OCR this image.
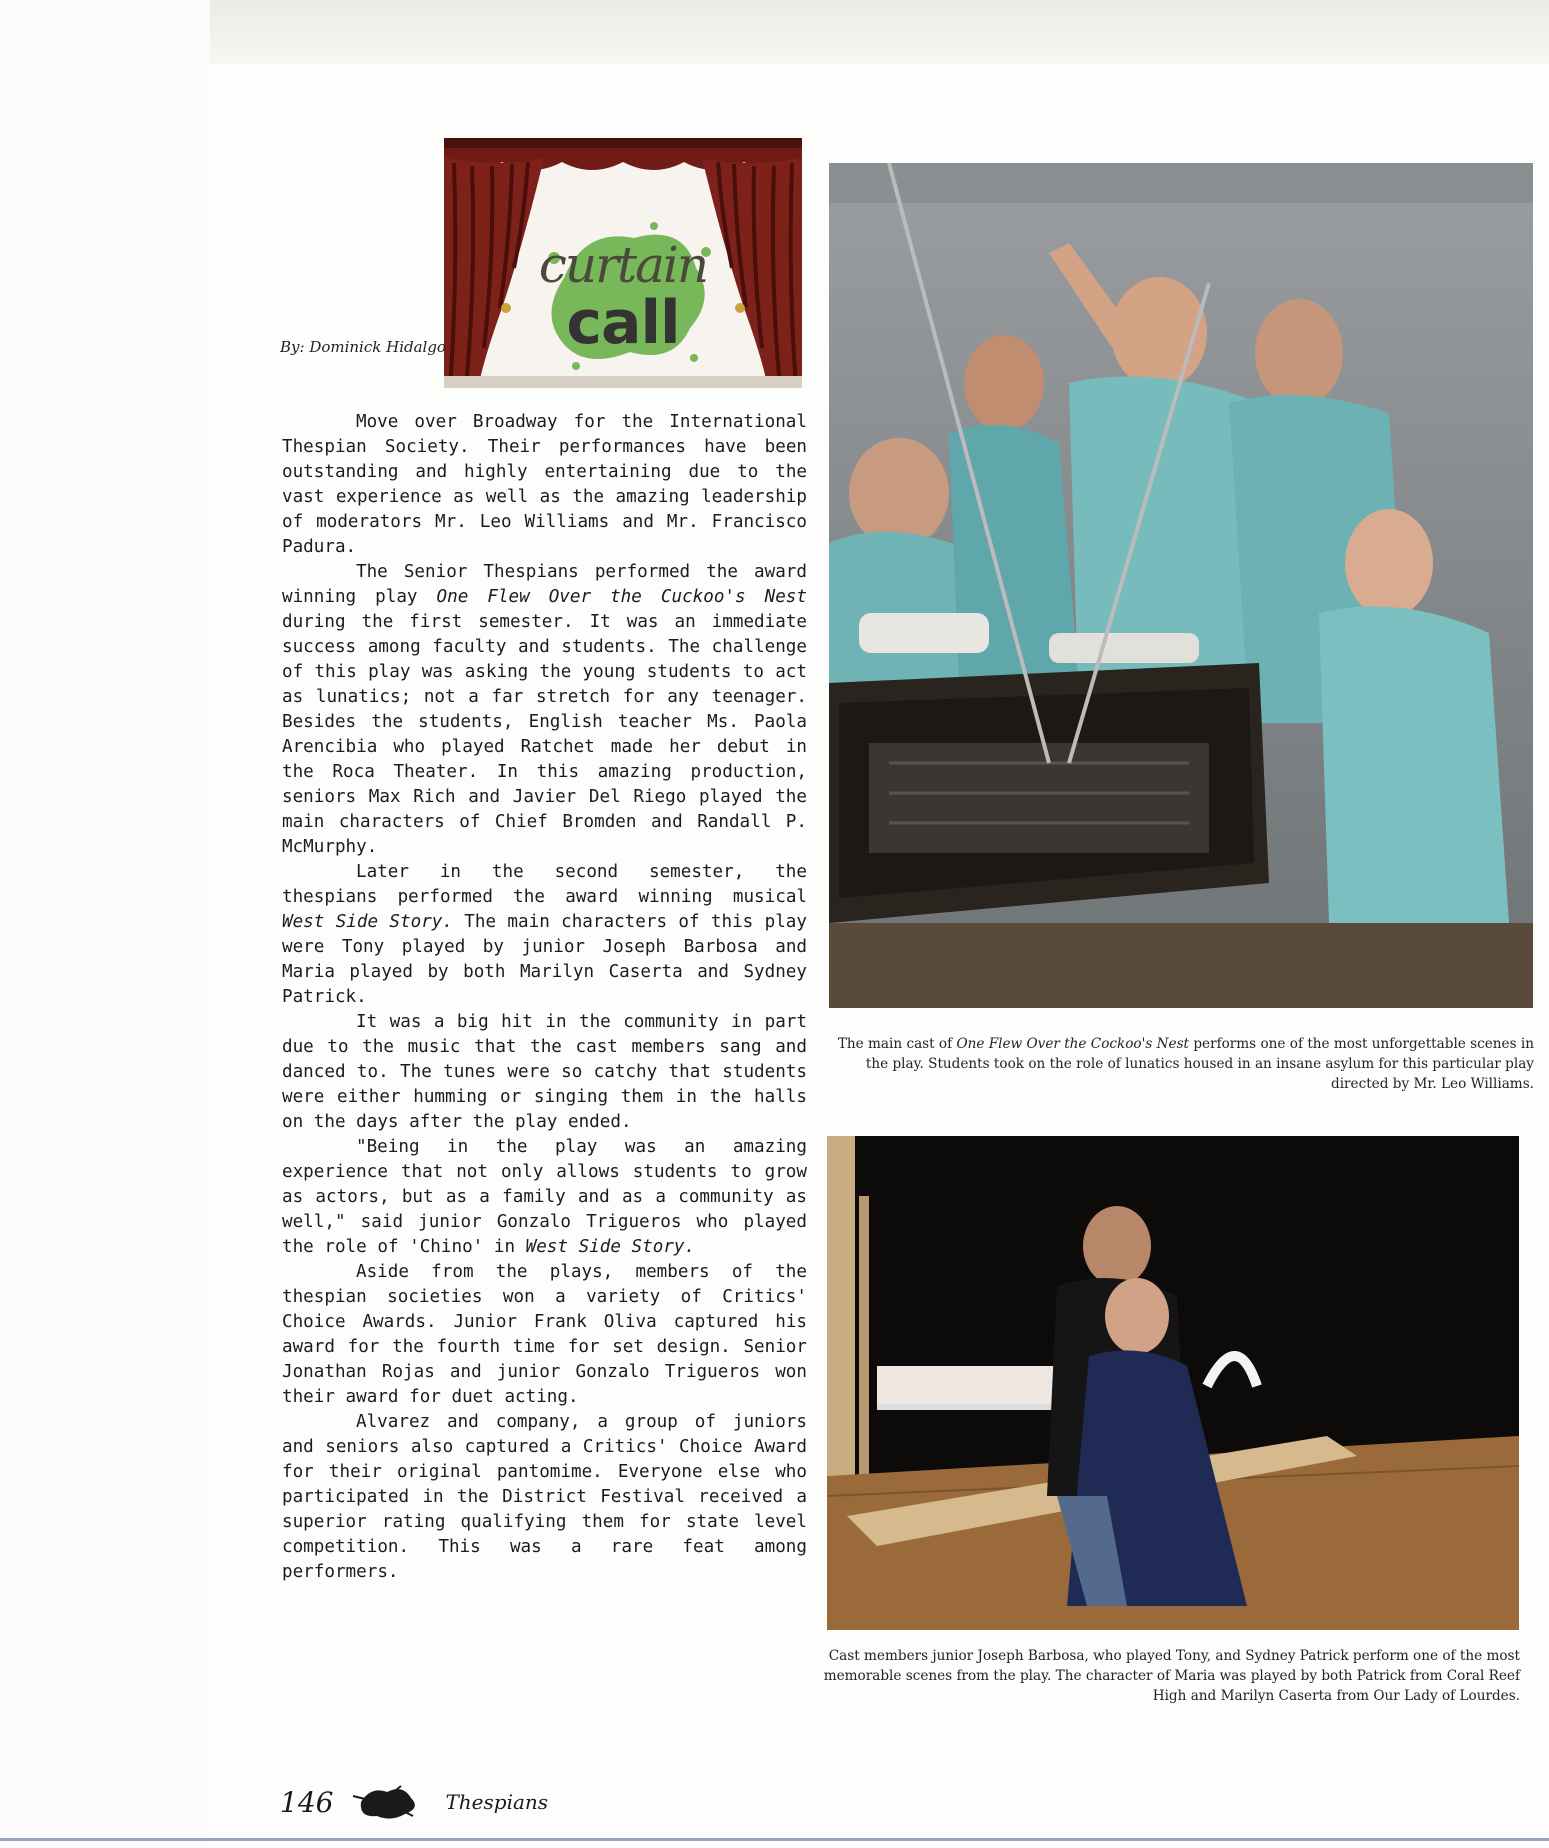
curtain
call
By: Dominick Hidalgo

Move over Broadway for the International Thespian Society. Their performances have been outstanding and highly entertaining due to the vast experience as well as the amazing leadership of moderators Mr. Leo Williams and Mr. Francisco Padura.

The Senior Thespians performed the award winning play One Flew Over the Cuckoo's Nest during the first semester. It was an immediate success among faculty and students. The challenge of this play was asking the young students to act as lunatics; not a far stretch for any teenager. Besides the students, English teacher Ms. Paola Arencibia who played Ratchet made her debut in the Roca Theater. In this amazing production, seniors Max Rich and Javier Del Riego played the main characters of Chief Bromden and Randall P. McMurphy.

Later in the second semester, the thespians performed the award winning musical West Side Story. The main characters of this play were Tony played by junior Joseph Barbosa and Maria played by both Marilyn Caserta and Sydney Patrick.

It was a big hit in the community in part due to the music that the cast members sang and danced to. The tunes were so catchy that students were either humming or singing them in the halls on the days after the play ended.

"Being in the play was an amazing experience that not only allows students to grow as actors, but as a family and as a community as well," said junior Gonzalo Trigueros who played the role of 'Chino' in West Side Story.

Aside from the plays, members of the thespian societies won a variety of Critics' Choice Awards. Junior Frank Oliva captured his award for the fourth time for set design. Senior Jonathan Rojas and junior Gonzalo Trigueros won their award for duet acting.

Alvarez and company, a group of juniors and seniors also captured a Critics' Choice Award for their original pantomime. Everyone else who participated in the District Festival received a superior rating qualifying them for state level competition. This was a rare feat among performers.

The main cast of One Flew Over the Cockoo's Nest performs one of the most unforgettable scenes in the play. Students took on the role of lunatics housed in an insane asylum for this particular play directed by Mr. Leo Williams.
Cast members junior Joseph Barbosa, who played Tony, and Sydney Patrick perform one of the most memorable scenes from the play. The character of Maria was played by both Patrick from Coral Reef High and Marilyn Caserta from Our Lady of Lourdes.
146	Thespians
